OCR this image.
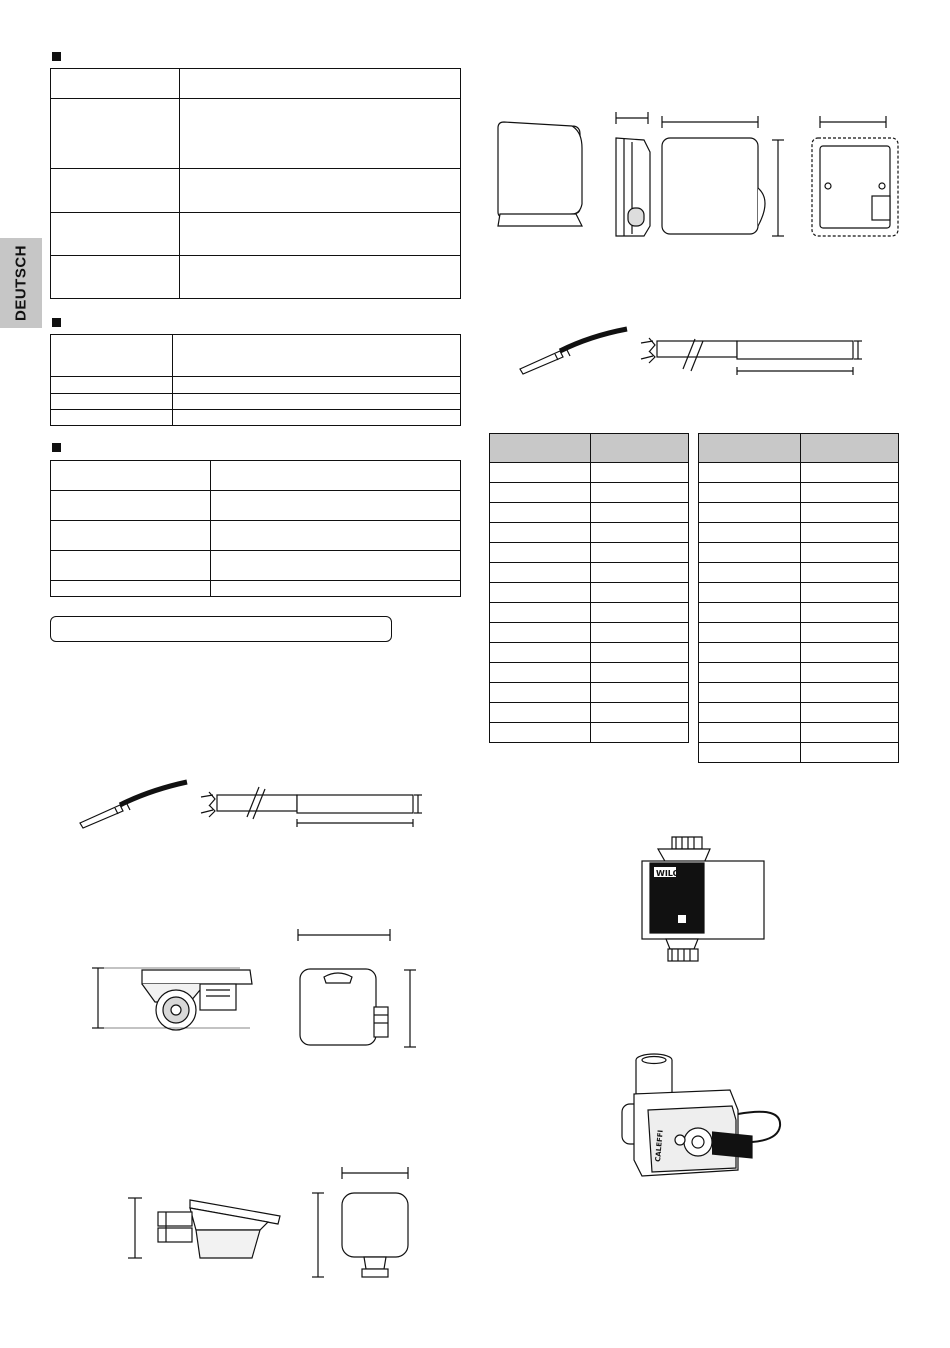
DEUTSCH

WILO
CALEFFI
